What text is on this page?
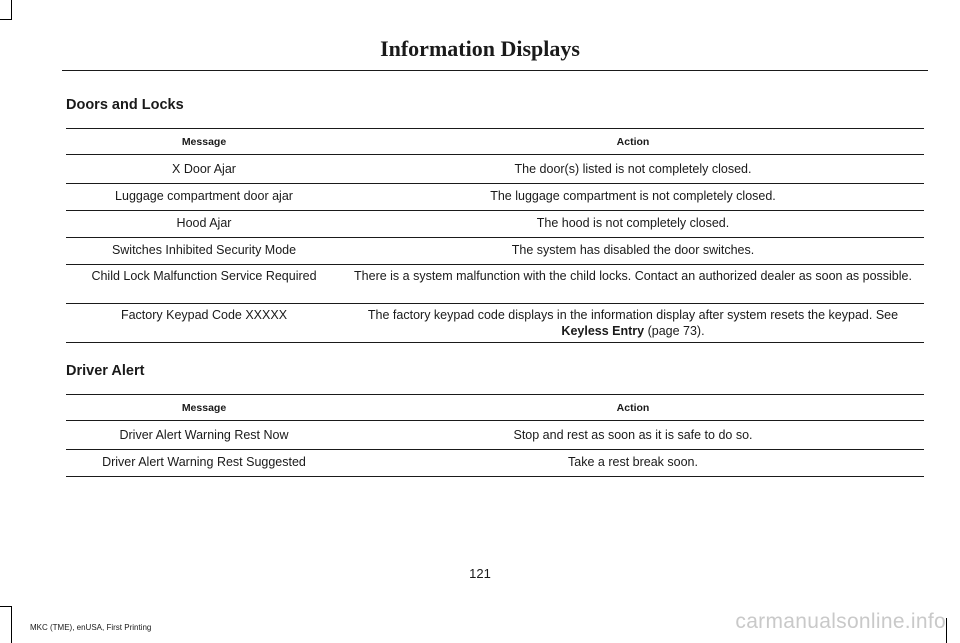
Information Displays
Doors and Locks
Message	Action
X Door Ajar	The door(s) listed is not completely closed.
Luggage compartment door ajar	The luggage compartment is not completely closed.
Hood Ajar	The hood is not completely closed.
Switches Inhibited Security Mode	The system has disabled the door switches.
Child Lock Malfunction Service Required	There is a system malfunction with the child locks. Contact an authorized dealer as soon as possible.
Factory Keypad Code XXXXX	The factory keypad code displays in the information display after system resets the keypad. See Keyless Entry (page 73).
Driver Alert
Message	Action
Driver Alert Warning Rest Now	Stop and rest as soon as it is safe to do so.
Driver Alert Warning Rest Suggested	Take a rest break soon.
121
MKC (TME), enUSA, First Printing	carmanualsonline.info
